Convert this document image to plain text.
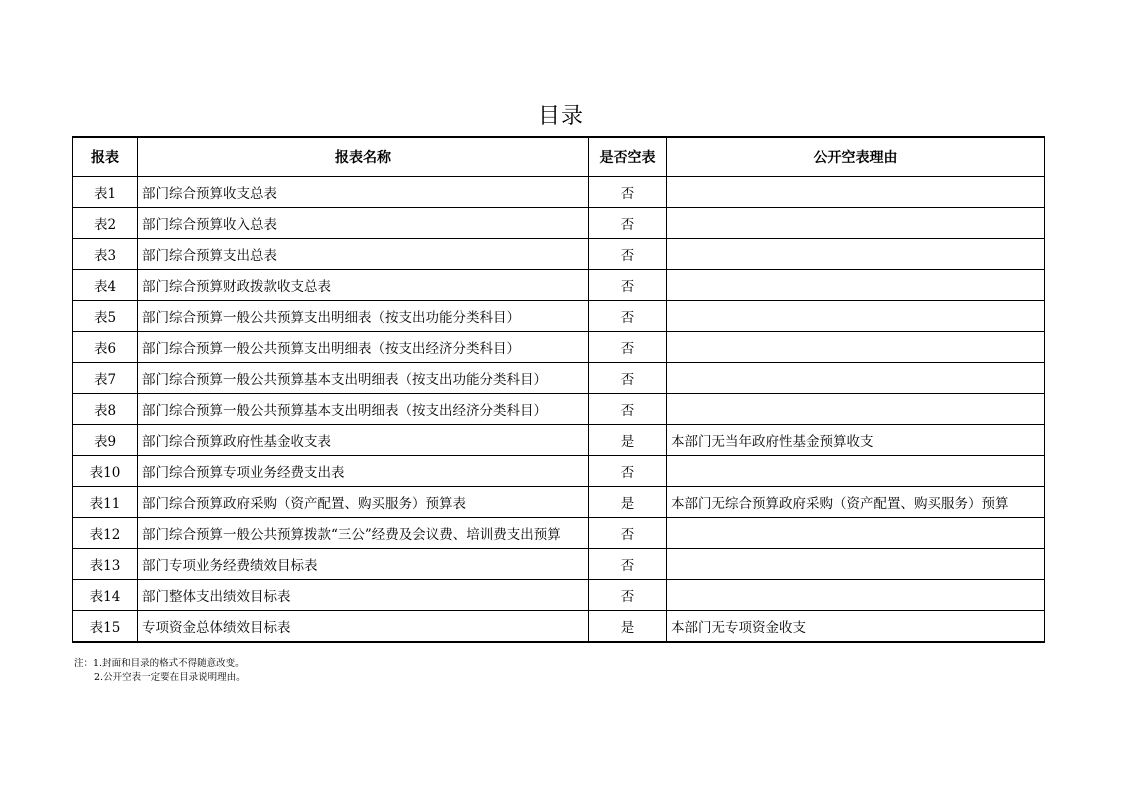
目录
报表	报表名称	是否空表	公开空表理由
表1	部门综合预算收支总表	否	
表2	部门综合预算收入总表	否	
表3	部门综合预算支出总表	否	
表4	部门综合预算财政拨款收支总表	否	
表5	部门综合预算一般公共预算支出明细表（按支出功能分类科目）	否	
表6	部门综合预算一般公共预算支出明细表（按支出经济分类科目）	否	
表7	部门综合预算一般公共预算基本支出明细表（按支出功能分类科目）	否	
表8	部门综合预算一般公共预算基本支出明细表（按支出经济分类科目）	否	
表9	部门综合预算政府性基金收支表	是	本部门无当年政府性基金预算收支
表10	部门综合预算专项业务经费支出表	否	
表11	部门综合预算政府采购（资产配置、购买服务）预算表	是	本部门无综合预算政府采购（资产配置、购买服务）预算
表12	部门综合预算一般公共预算拨款“三公”经费及会议费、培训费支出预算	否	
表13	部门专项业务经费绩效目标表	否	
表14	部门整体支出绩效目标表	否	
表15	专项资金总体绩效目标表	是	本部门无专项资金收支
注：1.封面和目录的格式不得随意改变。
2.公开空表一定要在目录说明理由。
